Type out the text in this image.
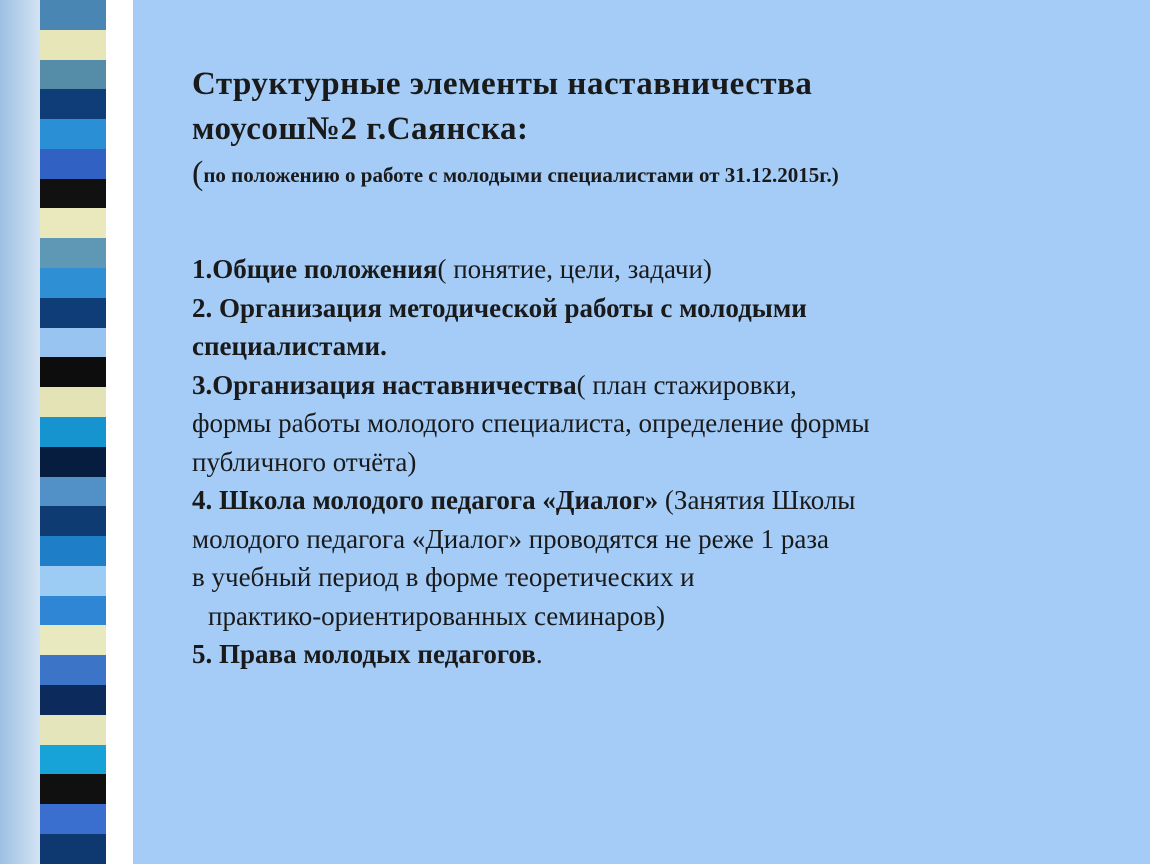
Структурные элементы наставничества
моусош№2 г.Саянска:
(по положению о работе с молодыми специалистами от 31.12.2015г.)
1.Общие положения( понятие, цели, задачи)
2. Организация методической работы с молодыми
специалистами.
3.Организация наставничества( план стажировки,
формы работы молодого специалиста, определение формы
публичного отчёта)
4. Школа молодого педагога «Диалог» (Занятия Школы
молодого педагога «Диалог» проводятся не реже 1 раза
в учебный период в форме теоретических и
практико-ориентированных семинаров)
5. Права молодых педагогов.
